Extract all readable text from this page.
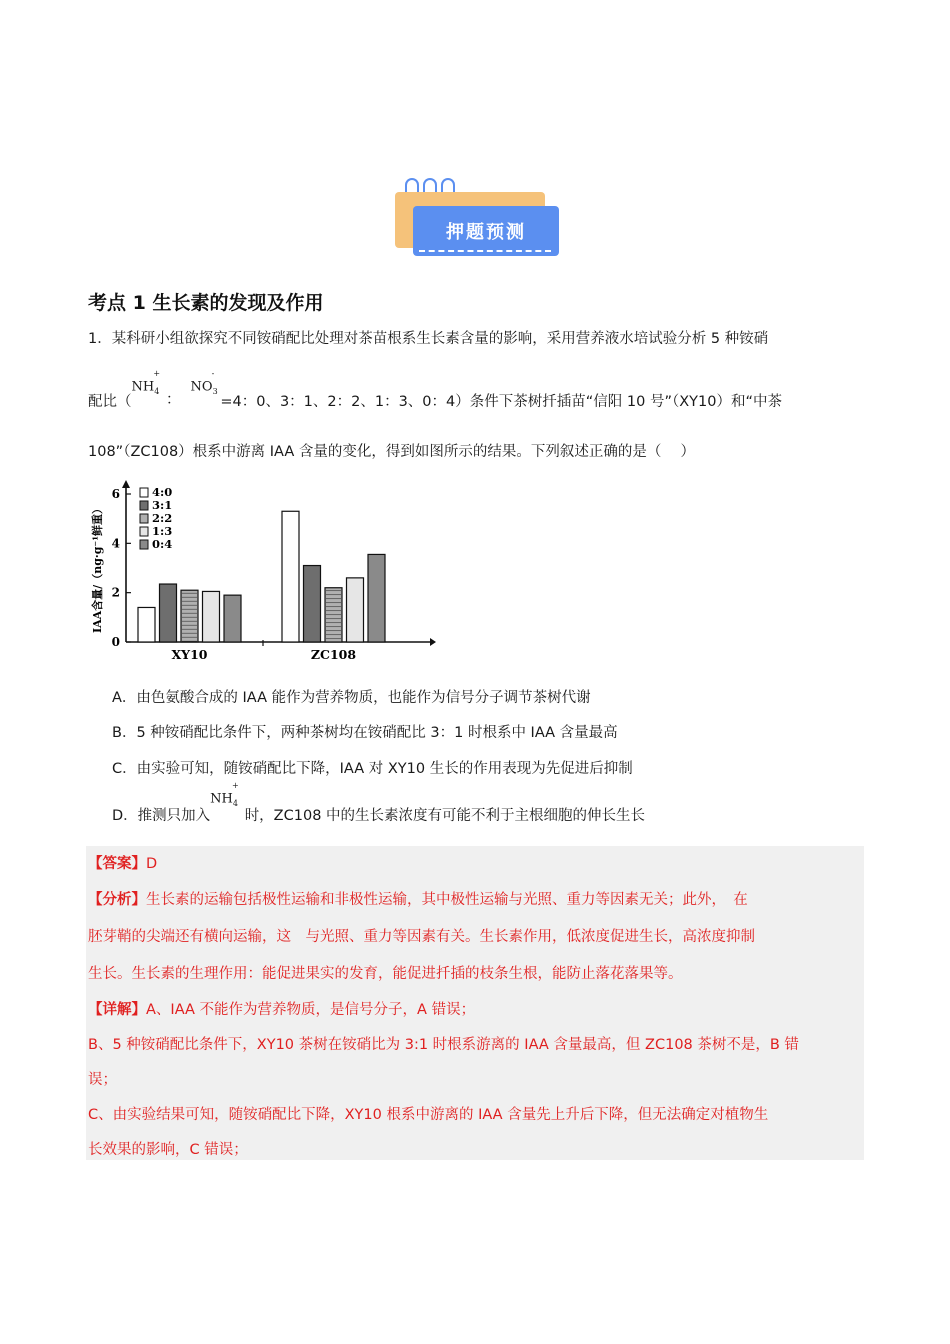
押题预测
考点 1 生长素的发现及作用
1．某科研小组欲探究不同铵硝配比处理对茶苗根系生长素含量的影响，采用营养液水培试验分析 5 种铵硝
配比（$NH_4^+$：$NO_3^-=4$：0、3：1、2：2、1：3、0：4）条件下茶树扦插苗“信阳 10 号”（XY10）和“中茶
108”（ZC108）根系中游离 IAA 含量的变化，得到如图所示的结果。下列叙述正确的是（　 ）
0
2
4
6
IAA含量/（ng·g⁻¹鲜重）
XY10	ZC108
4:0
3:1
2:2
1:3
0:4
A．由色氨酸合成的 IAA 能作为营养物质，也能作为信号分子调节茶树代谢
B．5 种铵硝配比条件下，两种茶树均在铵硝配比 3：1 时根系中 IAA 含量最高
C．由实验可知，随铵硝配比下降，IAA 对 XY10 生长的作用表现为先促进后抑制
D．推测只加入$NH_4^+$时，ZC108 中的生长素浓度有可能不利于主根细胞的伸长生长
【答案】D
【分析】生长素的运输包括极性运输和非极性运输，其中极性运输与光照、重力等因素无关；此外，　在
胚芽鞘的尖端还有横向运输，这　与光照、重力等因素有关。生长素作用，低浓度促进生长，高浓度抑制
生长。生长素的生理作用：能促进果实的发育，能促进扦插的枝条生根，能防止落花落果等。
【详解】A、IAA 不能作为营养物质，是信号分子，A 错误；
B、5 种铵硝配比条件下，XY10 茶树在铵硝比为 3:1 时根系游离的 IAA 含量最高，但 ZC108 茶树不是，B 错
误；
C、由实验结果可知，随铵硝配比下降，XY10 根系中游离的 IAA 含量先上升后下降，但无法确定对植物生
长效果的影响，C 错误；
